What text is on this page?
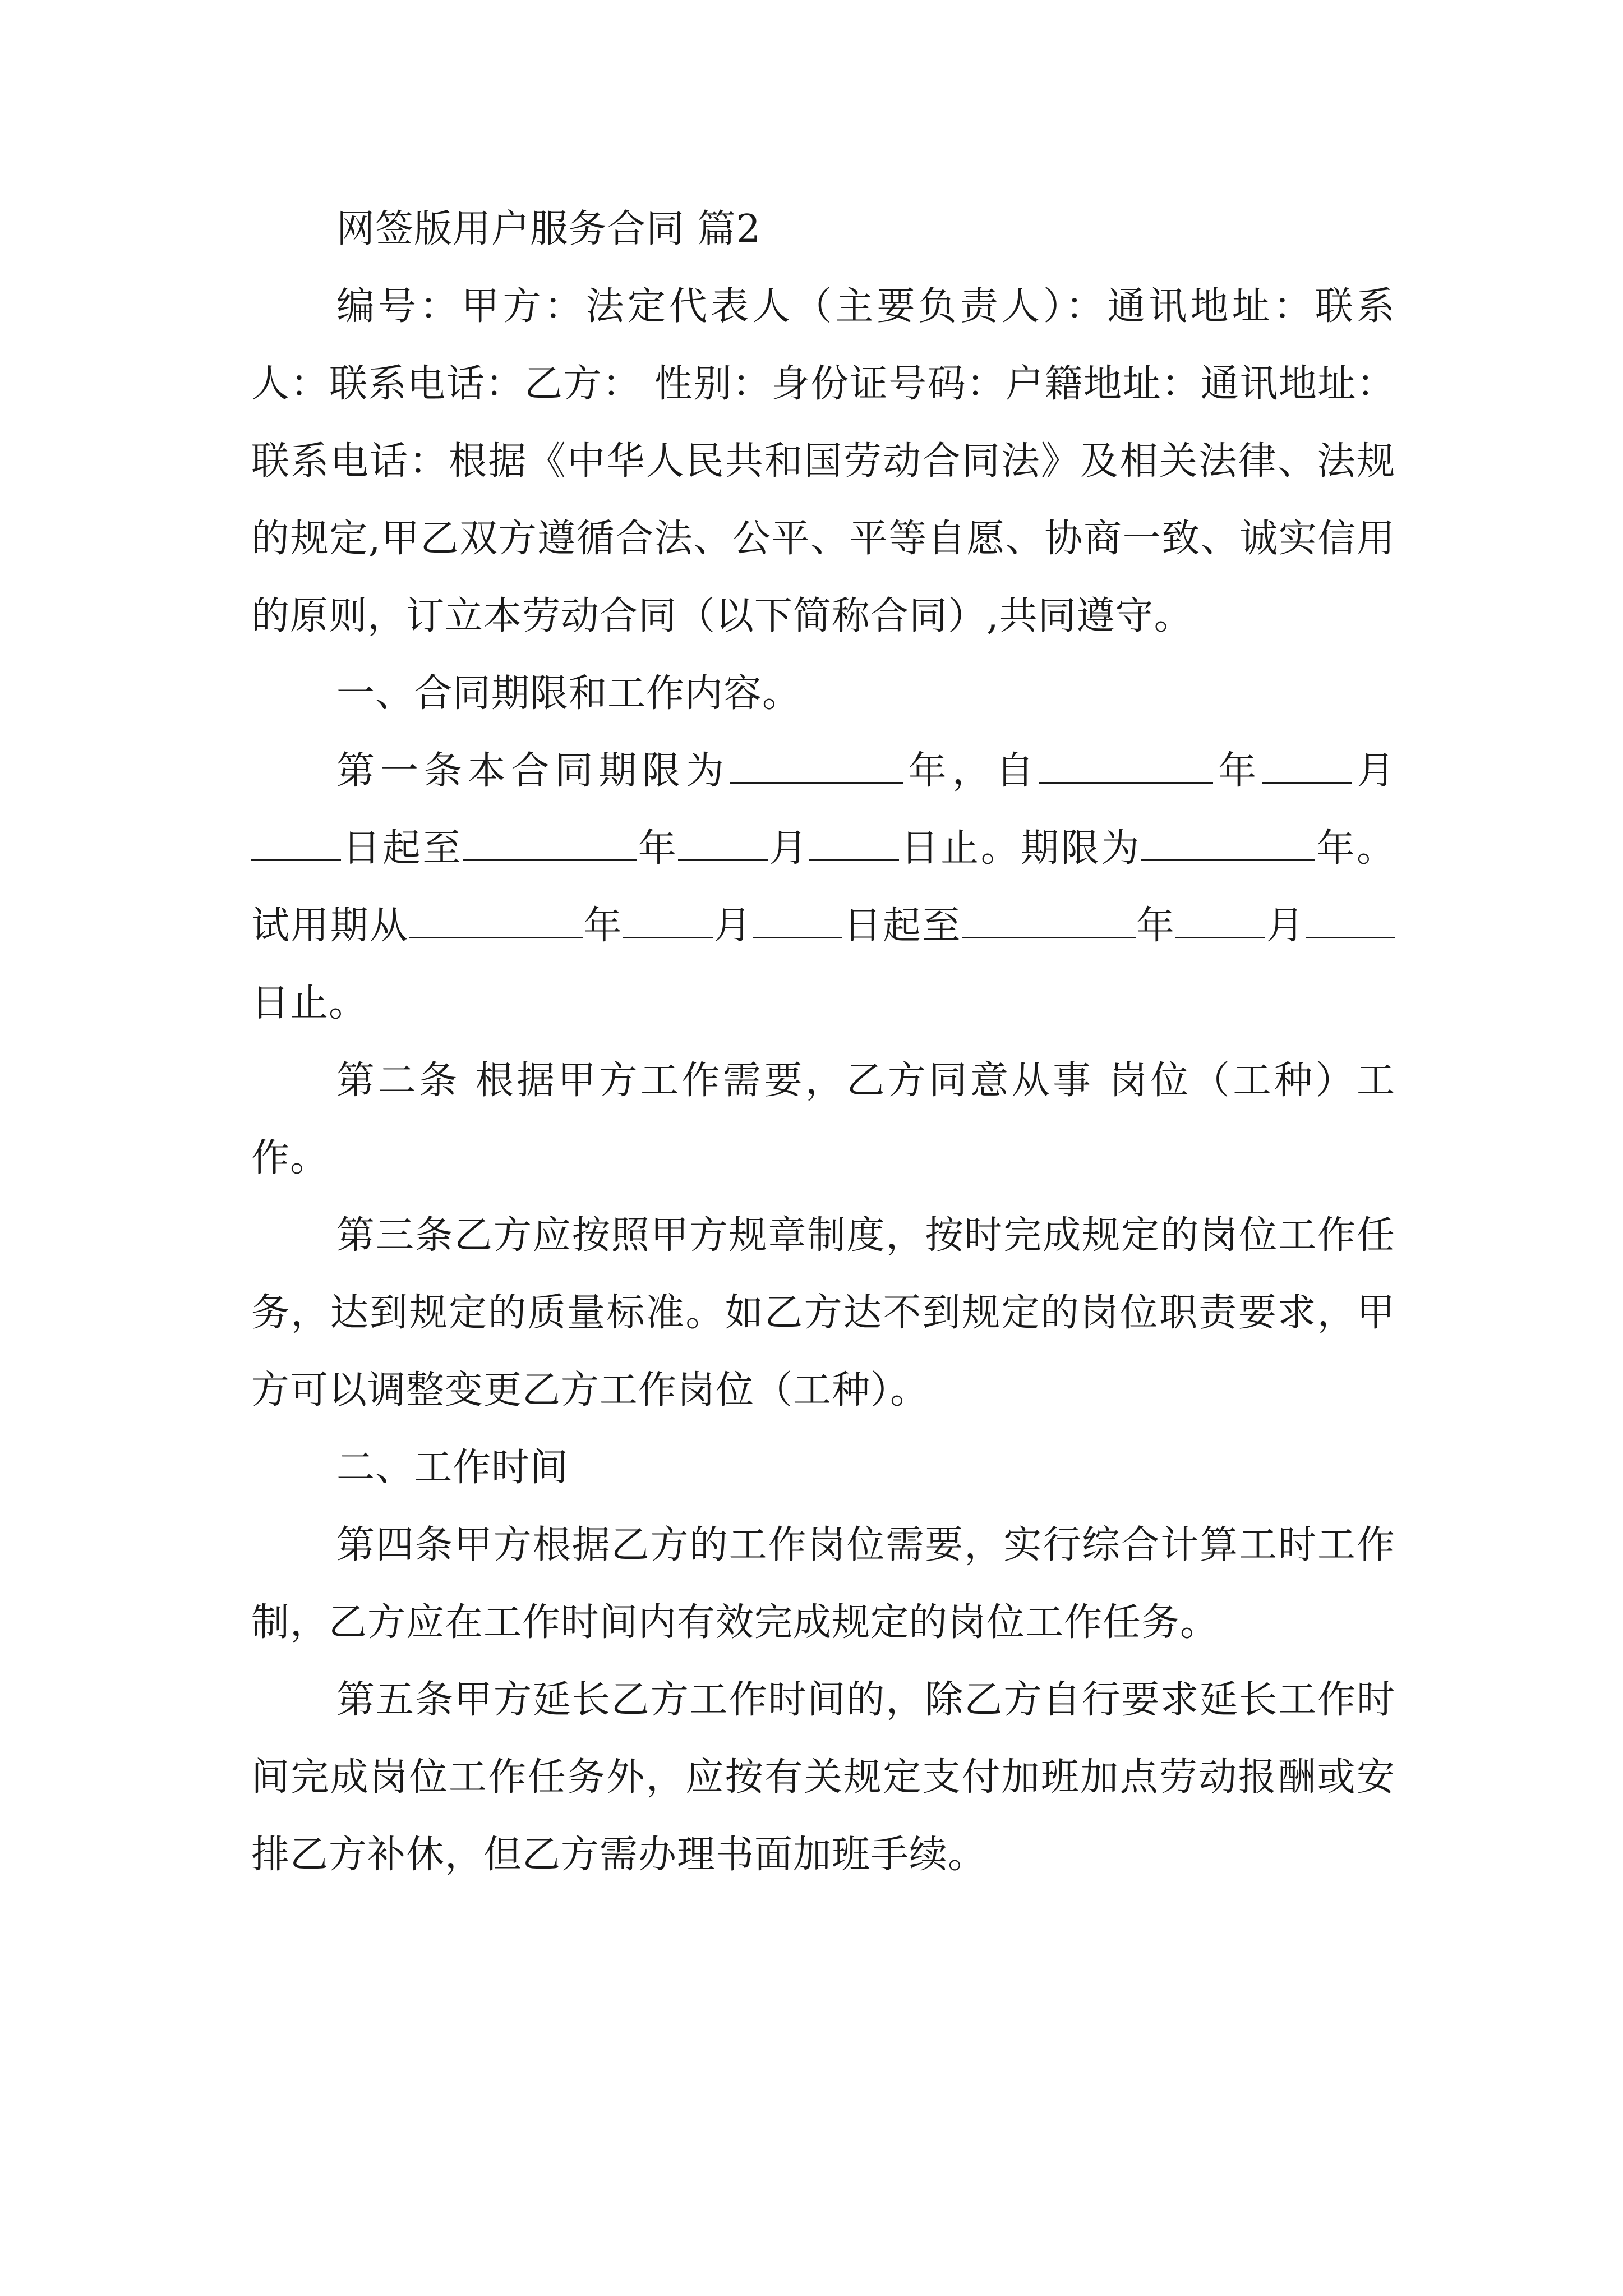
网签版用户服务合同 篇2

编号：甲方：法定代表人（主要负责人）：通讯地址：联系人：联系电话：乙方： 性别：身份证号码：户籍地址：通讯地址：联系电话：根据《中华人民共和国劳动合同法》及相关法律、法规的规定,甲乙双方遵循合法、公平、平等自愿、协商一致、诚实信用的原则，订立本劳动合同（以下简称合同）,共同遵守。

一、合同期限和工作内容。

第一条本合同期限为	年，自	年 月日起至	年 月 日止。期限为	年。试用期从	年 月 日起至	年 月日止。

第二条 根据甲方工作需要，乙方同意从事 岗位（工种）工作。

第三条乙方应按照甲方规章制度，按时完成规定的岗位工作任务，达到规定的质量标准。如乙方达不到规定的岗位职责要求，甲方可以调整变更乙方工作岗位（工种）。

二、工作时间

第四条甲方根据乙方的工作岗位需要，实行综合计算工时工作制，乙方应在工作时间内有效完成规定的岗位工作任务。

第五条甲方延长乙方工作时间的，除乙方自行要求延长工作时间完成岗位工作任务外，应按有关规定支付加班加点劳动报酬或安排乙方补休，但乙方需办理书面加班手续。
